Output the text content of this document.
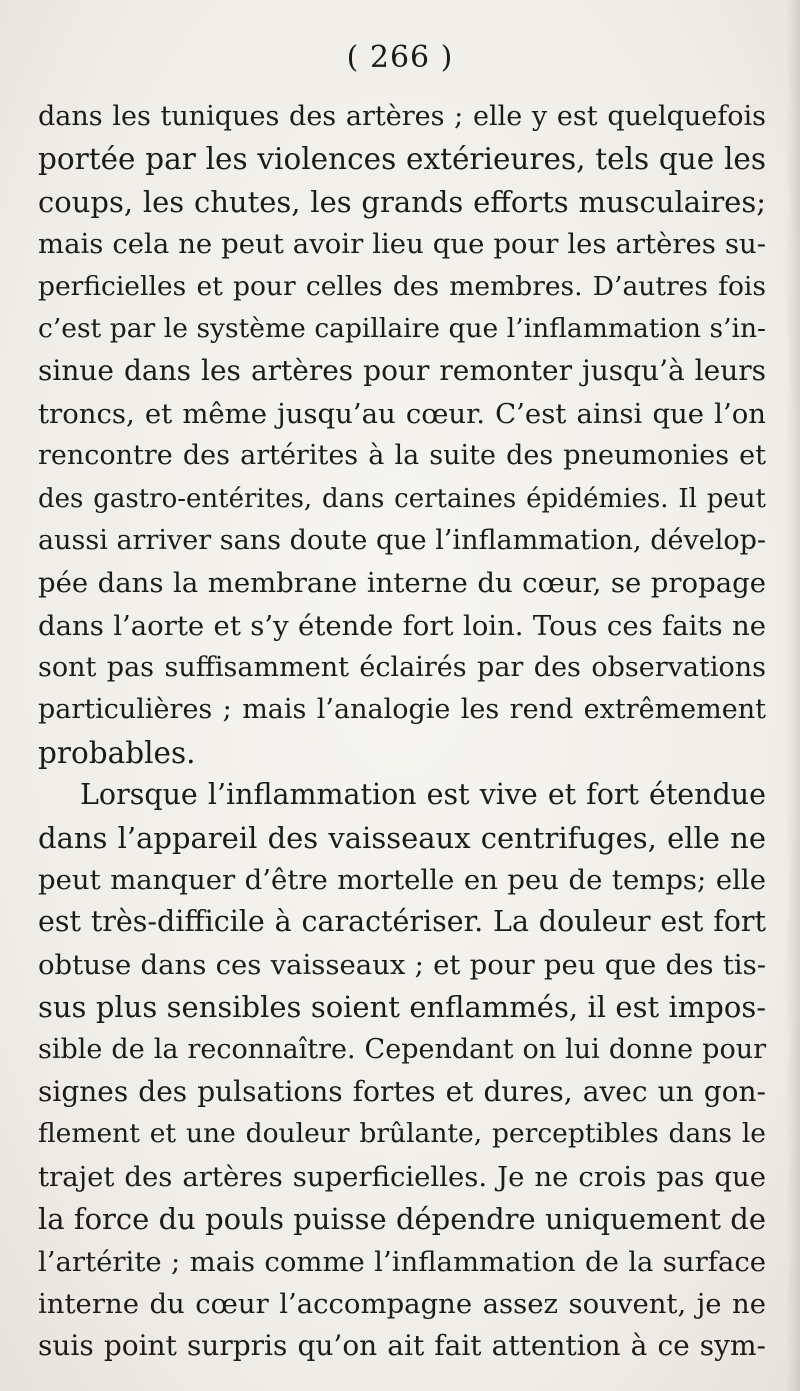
( 266 )
dans les tuniques des artères ; elle y est quelquefois
portée par les violences extérieures, tels que les
coups, les chutes, les grands efforts musculaires;
mais cela ne peut avoir lieu que pour les artères su-
perficielles et pour celles des membres. D’autres fois
c’est par le système capillaire que l’inflammation s’in-
sinue dans les artères pour remonter jusqu’à leurs
troncs, et même jusqu’au cœur. C’est ainsi que l’on
rencontre des artérites à la suite des pneumonies et
des gastro-entérites, dans certaines épidémies. Il peut
aussi arriver sans doute que l’inflammation, dévelop-
pée dans la membrane interne du cœur, se propage
dans l’aorte et s’y étende fort loin. Tous ces faits ne
sont pas suffisamment éclairés par des observations
particulières ; mais l’analogie les rend extrêmement
probables.
Lorsque l’inflammation est vive et fort étendue
dans l’appareil des vaisseaux centrifuges, elle ne
peut manquer d’être mortelle en peu de temps; elle
est très-difficile à caractériser. La douleur est fort
obtuse dans ces vaisseaux ; et pour peu que des tis-
sus plus sensibles soient enflammés, il est impos-
sible de la reconnaître. Cependant on lui donne pour
signes des pulsations fortes et dures, avec un gon-
flement et une douleur brûlante, perceptibles dans le
trajet des artères superficielles. Je ne crois pas que
la force du pouls puisse dépendre uniquement de
l’artérite ; mais comme l’inflammation de la surface
interne du cœur l’accompagne assez souvent, je ne
suis point surpris qu’on ait fait attention à ce sym-
